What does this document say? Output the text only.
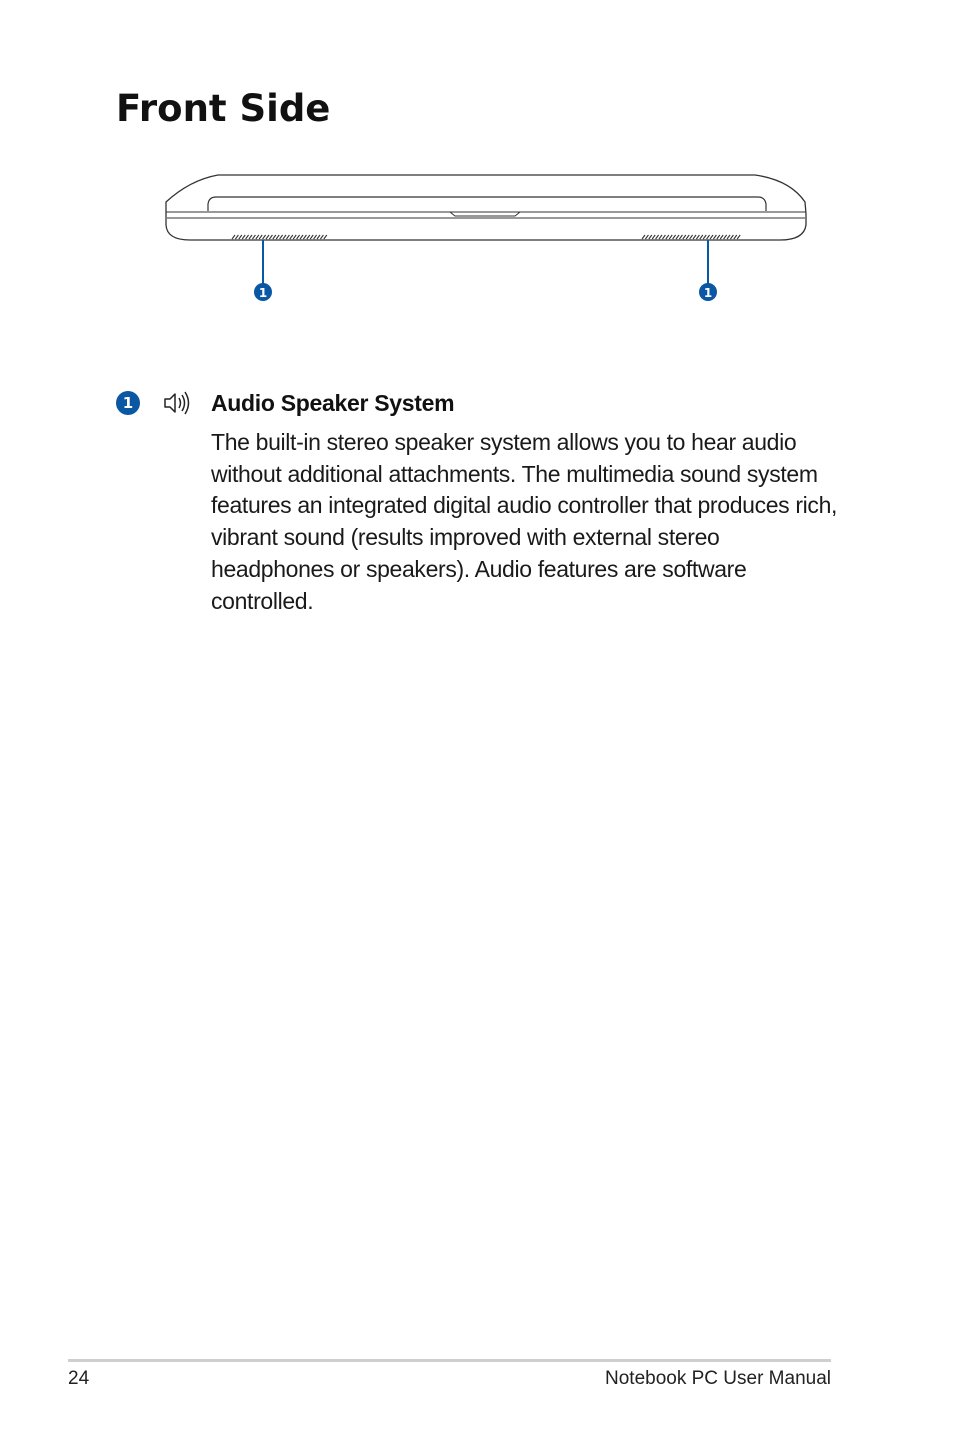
Front Side
1	1
1	Audio Speaker System

The built-in stereo speaker system allows you to hear audio without additional attachments. The multimedia sound system features an integrated digital audio controller that produces rich, vibrant sound (results improved with external stereo headphones or speakers). Audio features are software controlled.

24	Notebook PC User Manual
